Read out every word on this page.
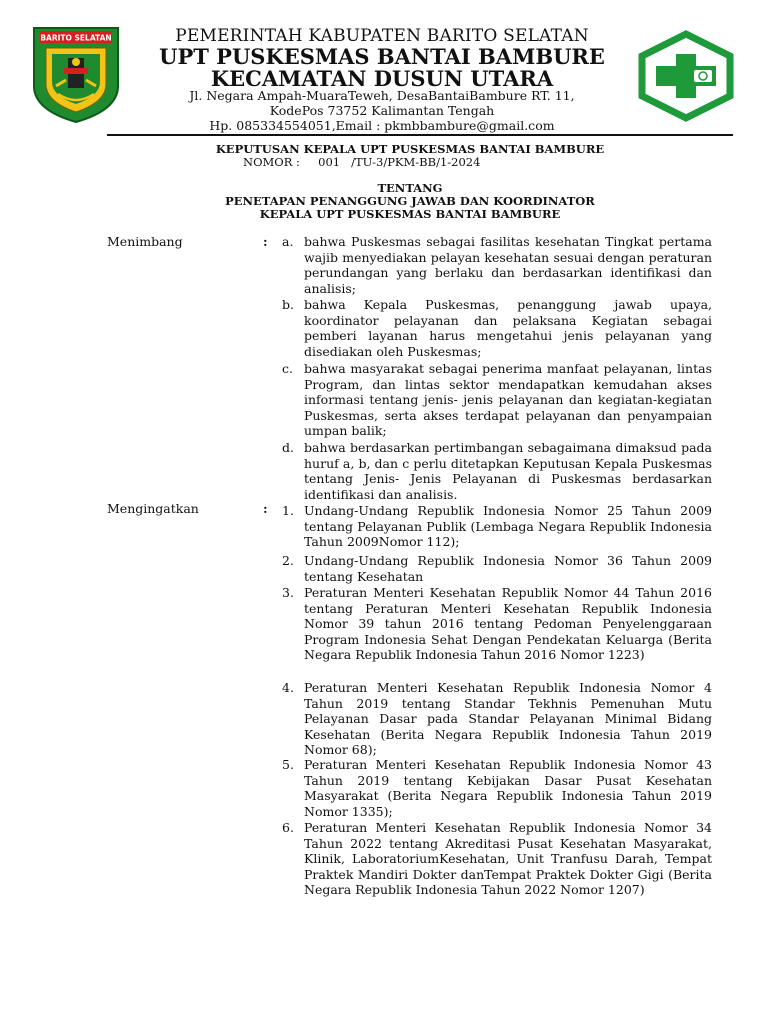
BARITO SELATAN	PEMERINTAH KABUPATEN BARITO SELATAN
UPT PUSKESMAS BANTAI BAMBURE
KECAMATAN DUSUN UTARA
Jl. Negara Ampah-MuaraTeweh, DesaBantaiBambure RT. 11,
KodePos 73752 Kalimantan Tengah
Hp. 085334554051,Email : pkmbbambure@gmail.com
KEPUTUSAN KEPALA UPT PUSKESMAS BANTAI BAMBURE
NOMOR :     001   /TU-3/PKM-BB/1-2024
TENTANG
PENETAPAN PENANGGUNG JAWAB DAN KOORDINATOR
KEPALA UPT PUSKESMAS BANTAI BAMBURE
Menimbang	: a. bahwa Puskesmas sebagai fasilitas kesehatan Tingkat pertama wajib menyediakan pelayan kesehatan sesuai dengan peraturan perundangan yang berlaku dan berdasarkan identifikasi dan analisis;
b. bahwa Kepala Puskesmas, penanggung jawab upaya, koordinator pelayanan dan pelaksana Kegiatan sebagai pemberi layanan harus mengetahui jenis pelayanan yang disediakan oleh Puskesmas;
c. bahwa masyarakat sebagai penerima manfaat pelayanan, lintas Program, dan lintas sektor mendapatkan kemudahan akses informasi tentang jenis- jenis pelayanan dan kegiatan-kegiatan Puskesmas, serta akses terdapat pelayanan dan penyampaian umpan balik;
d. bahwa berdasarkan pertimbangan sebagaimana dimaksud pada huruf a, b, dan c perlu ditetapkan Keputusan Kepala Puskesmas tentang Jenis- Jenis Pelayanan di Puskesmas berdasarkan identifikasi dan analisis.
Mengingatkan	: 1. Undang-Undang Republik Indonesia Nomor 25 Tahun 2009 tentang Pelayanan Publik (Lembaga Negara Republik Indonesia Tahun 2009Nomor 112);
2. Undang-Undang Republik Indonesia Nomor 36 Tahun 2009 tentang Kesehatan
3. Peraturan Menteri Kesehatan Republik Nomor 44 Tahun 2016 tentang Peraturan Menteri Kesehatan Republik Indonesia Nomor 39 tahun 2016 tentang Pedoman Penyelenggaraan Program Indonesia Sehat Dengan Pendekatan Keluarga (Berita Negara Republik Indonesia Tahun 2016 Nomor 1223)
4. Peraturan Menteri Kesehatan Republik Indonesia Nomor 4 Tahun 2019 tentang Standar Tekhnis Pemenuhan Mutu Pelayanan Dasar pada Standar Pelayanan Minimal Bidang Kesehatan (Berita Negara Republik Indonesia Tahun 2019 Nomor 68);
5. Peraturan Menteri Kesehatan Republik Indonesia Nomor 43 Tahun 2019 tentang Kebijakan Dasar Pusat Kesehatan Masyarakat (Berita Negara Republik Indonesia Tahun 2019 Nomor 1335);
6. Peraturan Menteri Kesehatan Republik Indonesia Nomor 34 Tahun 2022 tentang Akreditasi Pusat Kesehatan Masyarakat, Klinik, LaboratoriumKesehatan, Unit Tranfusu Darah, Tempat Praktek Mandiri Dokter danTempat Praktek Dokter Gigi (Berita Negara Republik Indonesia Tahun 2022 Nomor 1207)
